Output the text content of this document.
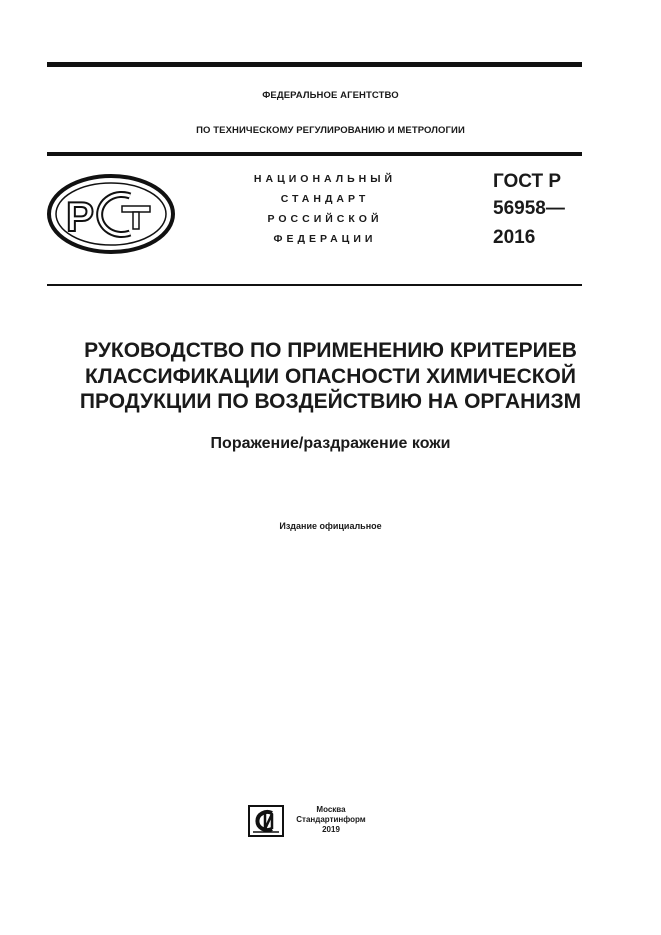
ФЕДЕРАЛЬНОЕ АГЕНТСТВО
ПО ТЕХНИЧЕСКОМУ РЕГУЛИРОВАНИЮ И МЕТРОЛОГИИ
Р
НАЦИОНАЛЬНЫЙ
СТАНДАРТ
РОССИЙСКОЙ
ФЕДЕРАЦИИ
ГОСТ Р
56958—
2016
РУКОВОДСТВО ПО ПРИМЕНЕНИЮ КРИТЕРИЕВ
КЛАССИФИКАЦИИ ОПАСНОСТИ ХИМИЧЕСКОЙ
ПРОДУКЦИИ ПО ВОЗДЕЙСТВИЮ НА ОРГАНИЗМ
Поражение/раздражение кожи
Издание официальное
Москва
Стандартинформ
2019
